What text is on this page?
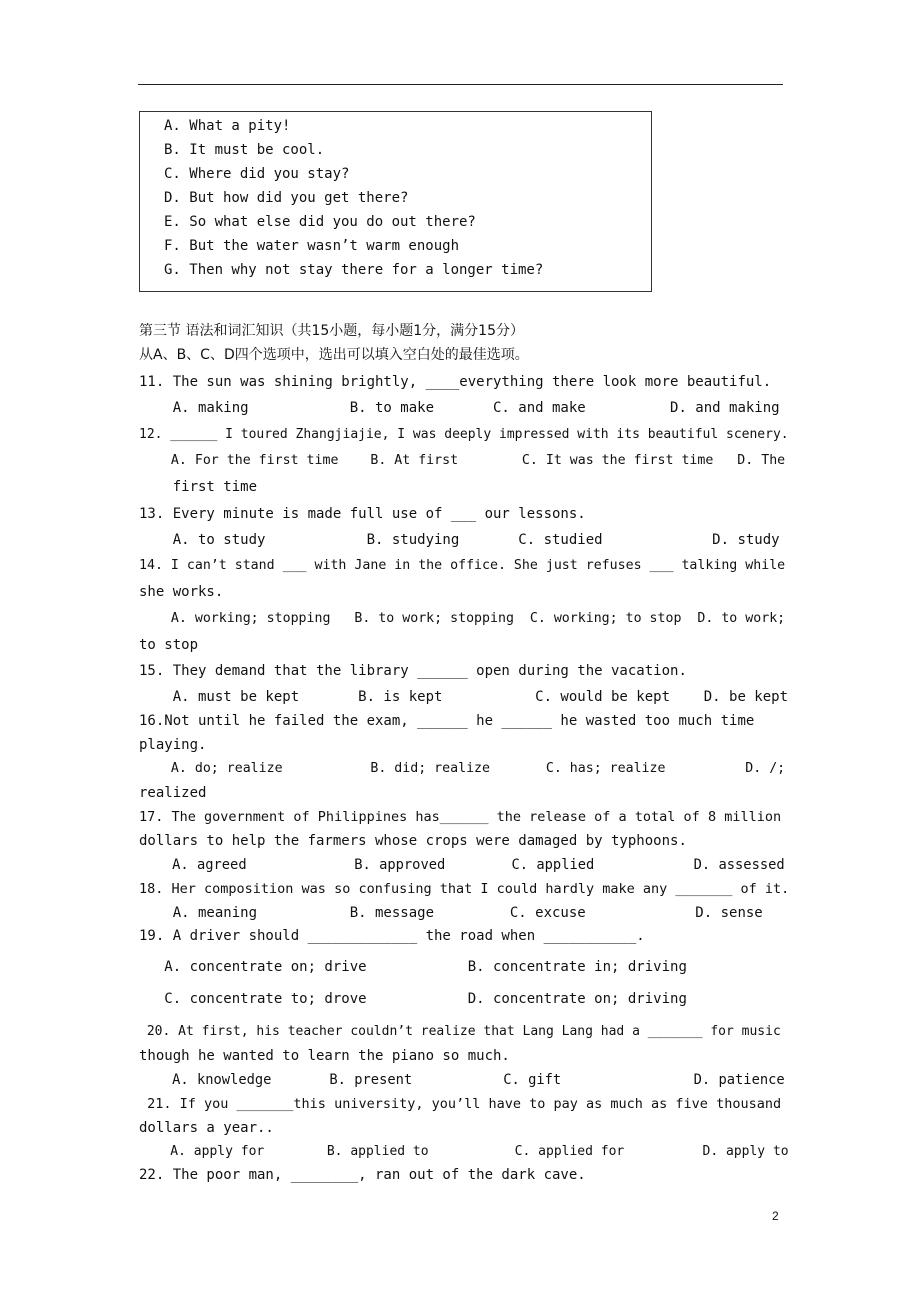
A. What a pity!
B. It must be cool.
C. Where did you stay?
D. But how did you get there?
E. So what else did you do out there?
F. But the water wasn’t warm enough
G. Then why not stay there for a longer time?
第三节 语法和词汇知识（共15小题，每小题1分，满分15分）
从A、B、C、D四个选项中，选出可以填入空白处的最佳选项。
11. The sun was shining brightly, ____everything there look more beautiful.
A. making            B. to make       C. and make          D. and making
12. ______ I toured Zhangjiajie, I was deeply impressed with its beautiful scenery.
A. For the first time    B. At first        C. It was the first time   D. The
first time
13. Every minute is made full use of ___ our lessons.
A. to study            B. studying       C. studied             D. study
14. I can’t stand ___ with Jane in the office. She just refuses ___ talking while
she works.
A. working; stopping   B. to work; stopping  C. working; to stop  D. to work;
to stop
15. They demand that the library ______ open during the vacation.
A. must be kept       B. is kept           C. would be kept    D. be kept
16.Not until he failed the exam, ______ he ______ he wasted too much time
playing.
A. do; realize           B. did; realize       C. has; realize          D. /;
realized
17. The government of Philippines has______ the release of a total of 8 million
dollars to help the farmers whose crops were damaged by typhoons.
A. agreed             B. approved        C. applied            D. assessed
18. Her composition was so confusing that I could hardly make any _______ of it.
A. meaning           B. message         C. excuse             D. sense
19. A driver should _____________ the road when ___________.
A. concentrate on; drive            B. concentrate in; driving
C. concentrate to; drove            D. concentrate on; driving
20. At first, his teacher couldn’t realize that Lang Lang had a _______ for music
though he wanted to learn the piano so much.
A. knowledge       B. present           C. gift                D. patience
21. If you _______this university, you’ll have to pay as much as five thousand
dollars a year..
A. apply for        B. applied to           C. applied for          D. apply to
22. The poor man, ________, ran out of the dark cave.
2
